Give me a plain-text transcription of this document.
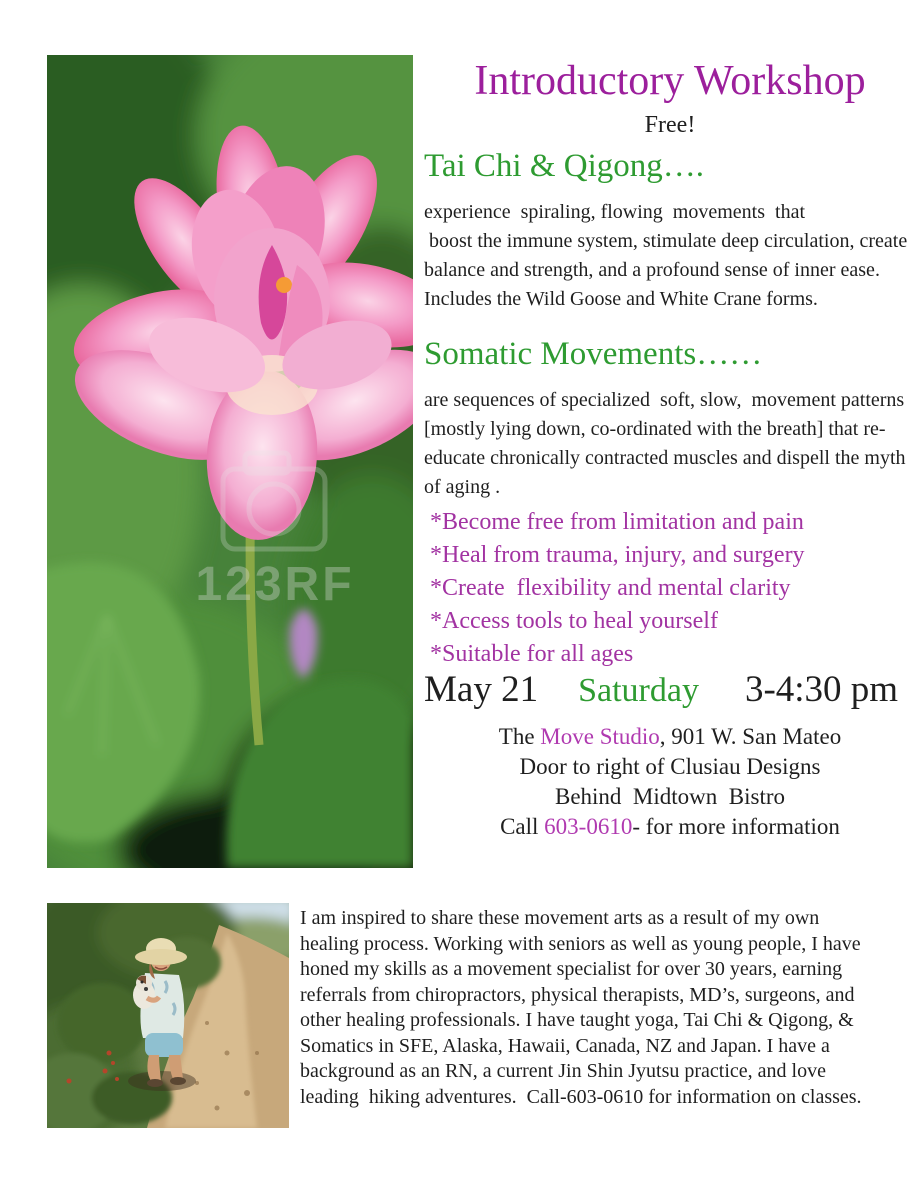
123RF
Introductory Workshop
Free!
Tai Chi & Qigong….
experience  spiraling, flowing  movements  that
boost the immune system, stimulate deep circulation, create
balance and strength, and a profound sense of inner ease.
Includes the Wild Goose and White Crane forms.
Somatic Movements……
are sequences of specialized  soft, slow,  movement patterns
[mostly lying down, co-ordinated with the breath] that re-
educate chronically contracted muscles and dispell the myth
of aging .
*Become free from limitation and pain
*Heal from trauma, injury, and surgery
*Create  flexibility and mental clarity
*Access tools to heal yourself
*Suitable for all ages
May 21 Saturday 3-4:30 pm
The Move Studio, 901 W. San Mateo
Door to right of Clusiau Designs
Behind  Midtown  Bistro
Call 603-0610- for more information
I am inspired to share these movement arts as a result of my own
healing process. Working with seniors as well as young people, I have
honed my skills as a movement specialist for over 30 years, earning
referrals from chiropractors, physical therapists, MD’s, surgeons, and
other healing professionals. I have taught yoga, Tai Chi & Qigong, &
Somatics in SFE, Alaska, Hawaii, Canada, NZ and Japan. I have a
background as an RN, a current Jin Shin Jyutsu practice, and love
leading  hiking adventures.  Call-603-0610 for information on classes.
